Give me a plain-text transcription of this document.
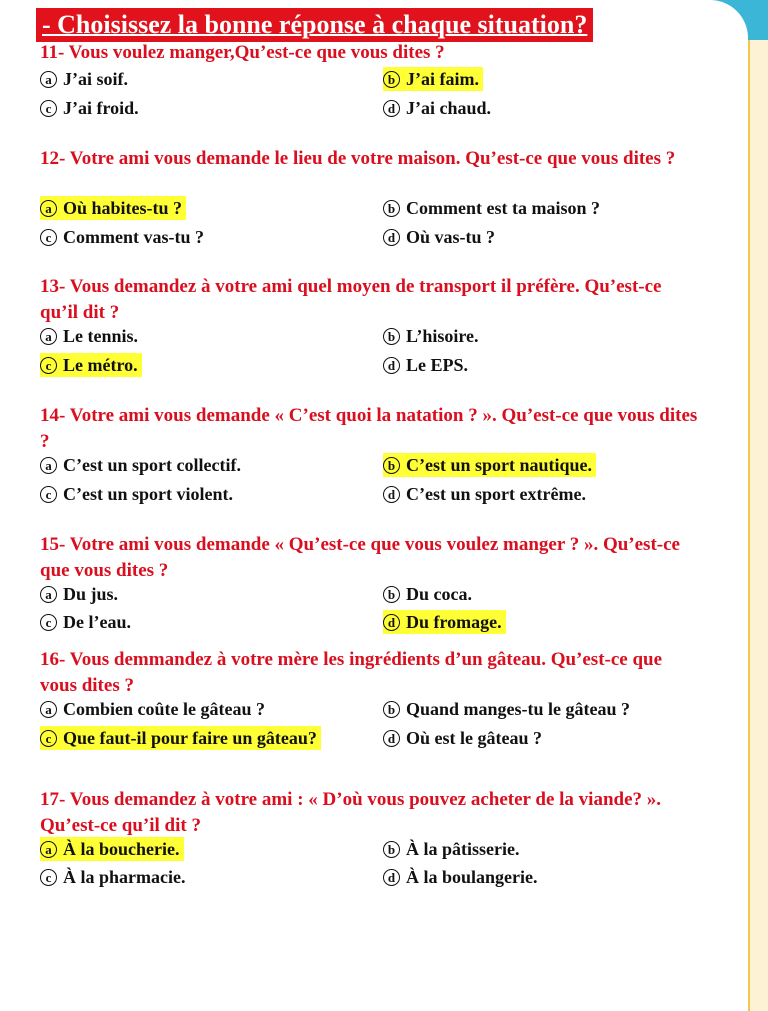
- Choisissez la bonne réponse à chaque situation?

11- Vous voulez manger,Qu’est-ce que vous dites ?

a J’ai soif.	b J’ai faim.
c J’ai froid.	d J’ai chaud.

12- Votre ami vous demande le lieu de votre maison. Qu’est-ce que vous dites ?

a Où habites-tu ?	b Comment est ta maison ?
c Comment vas-tu ?	d Où vas-tu ?

13- Vous demandez à votre ami quel moyen de transport il préfère. Qu’est-ce qu’il dit ?

a Le tennis.	b L’hisoire.
c Le métro.	d Le EPS.

14- Votre ami vous demande « C’est quoi la natation ? ». Qu’est-ce que vous dites ?

a C’est un sport collectif.	b C’est un sport nautique.
c C’est un sport violent.	d C’est un sport extrême.

15- Votre ami vous demande « Qu’est-ce que vous voulez manger ? ». Qu’est-ce que vous dites ?

a Du jus.	b Du coca.
c De l’eau.	d Du fromage.

16- Vous demmandez à votre mère les ingrédients d’un gâteau. Qu’est-ce que vous dites ?

a Combien coûte le gâteau ?	b Quand manges-tu le gâteau ?
c Que faut-il pour faire un gâteau?	d Où est le gâteau ?

17- Vous demandez à votre ami : « D’où vous pouvez acheter de la viande? ». Qu’est-ce qu’il dit ?

a À la boucherie.	b À la pâtisserie.
c À la pharmacie.	d À la boulangerie.
